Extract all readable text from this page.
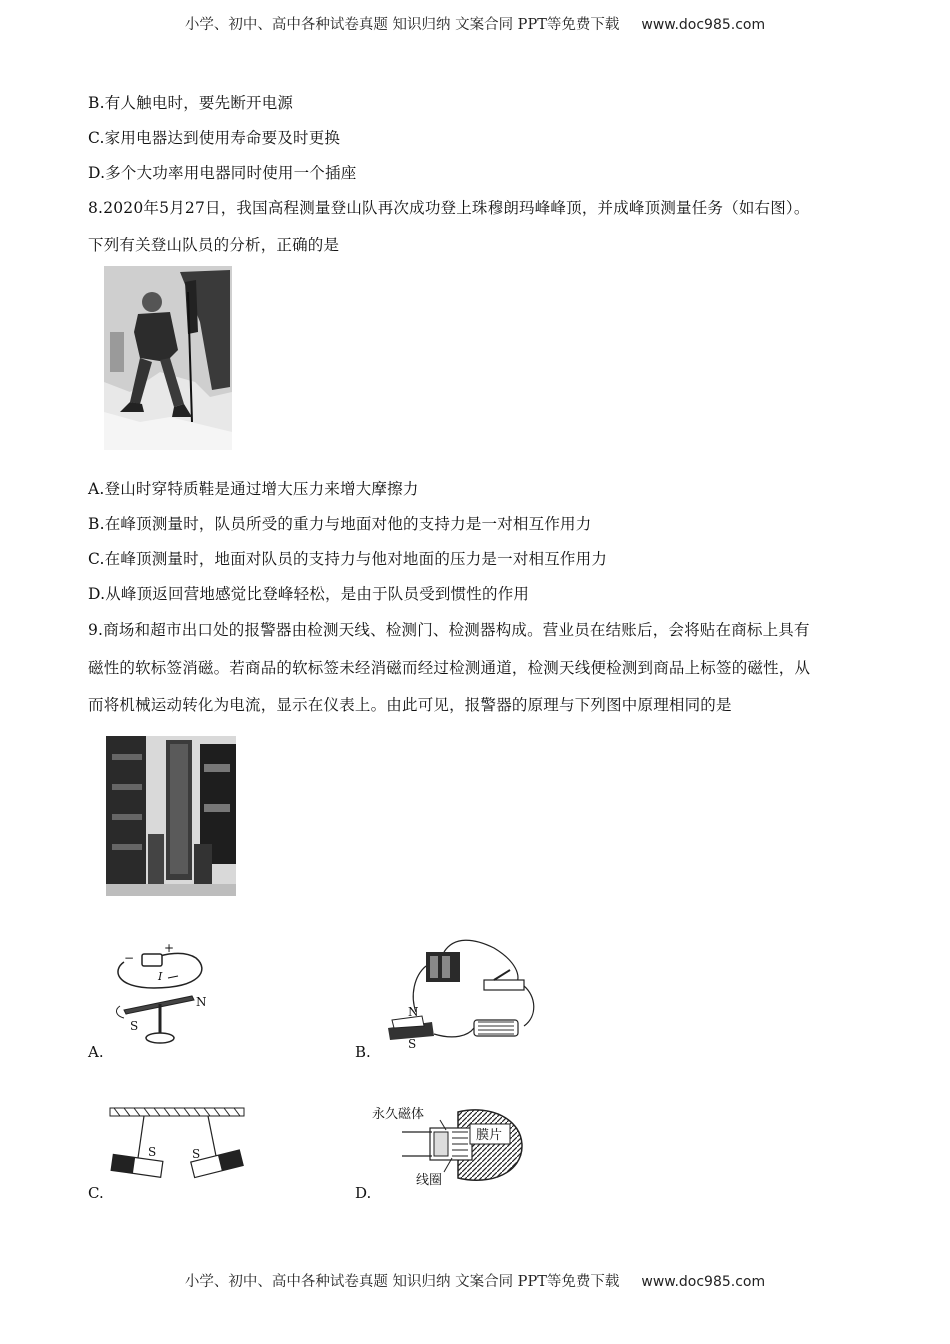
小学、初中、高中各种试卷真题 知识归纳 文案合同 PPT等免费下载 www.doc985.com
B.有人触电时，要先断开电源
C.家用电器达到使用寿命要及时更换
D.多个大功率用电器同时使用一个插座
8.2020年5月27日，我国高程测量登山队再次成功登上珠穆朗玛峰峰顶，并成峰顶测量任务（如右图）。
下列有关登山队员的分析，正确的是
A.登山时穿特质鞋是通过增大压力来增大摩擦力
B.在峰顶测量时，队员所受的重力与地面对他的支持力是一对相互作用力
C.在峰顶测量时，地面对队员的支持力与他对地面的压力是一对相互作用力
D.从峰顶返回营地感觉比登峰轻松，是由于队员受到惯性的作用
9.商场和超市出口处的报警器由检测天线、检测门、检测器构成。营业员在结账后，会将贴在商标上具有
磁性的软标签消磁。若商品的软标签未经消磁而经过检测通道，检测天线便检测到商品上标签的磁性，从
而将机械运动转化为电流，显示在仪表上。由此可见，报警器的原理与下列图中原理相同的是
+
−
I
S
N
A.
N
S
B.
S	S
C.
永久磁体
膜片
线圈
D.
小学、初中、高中各种试卷真题 知识归纳 文案合同 PPT等免费下载 www.doc985.com
